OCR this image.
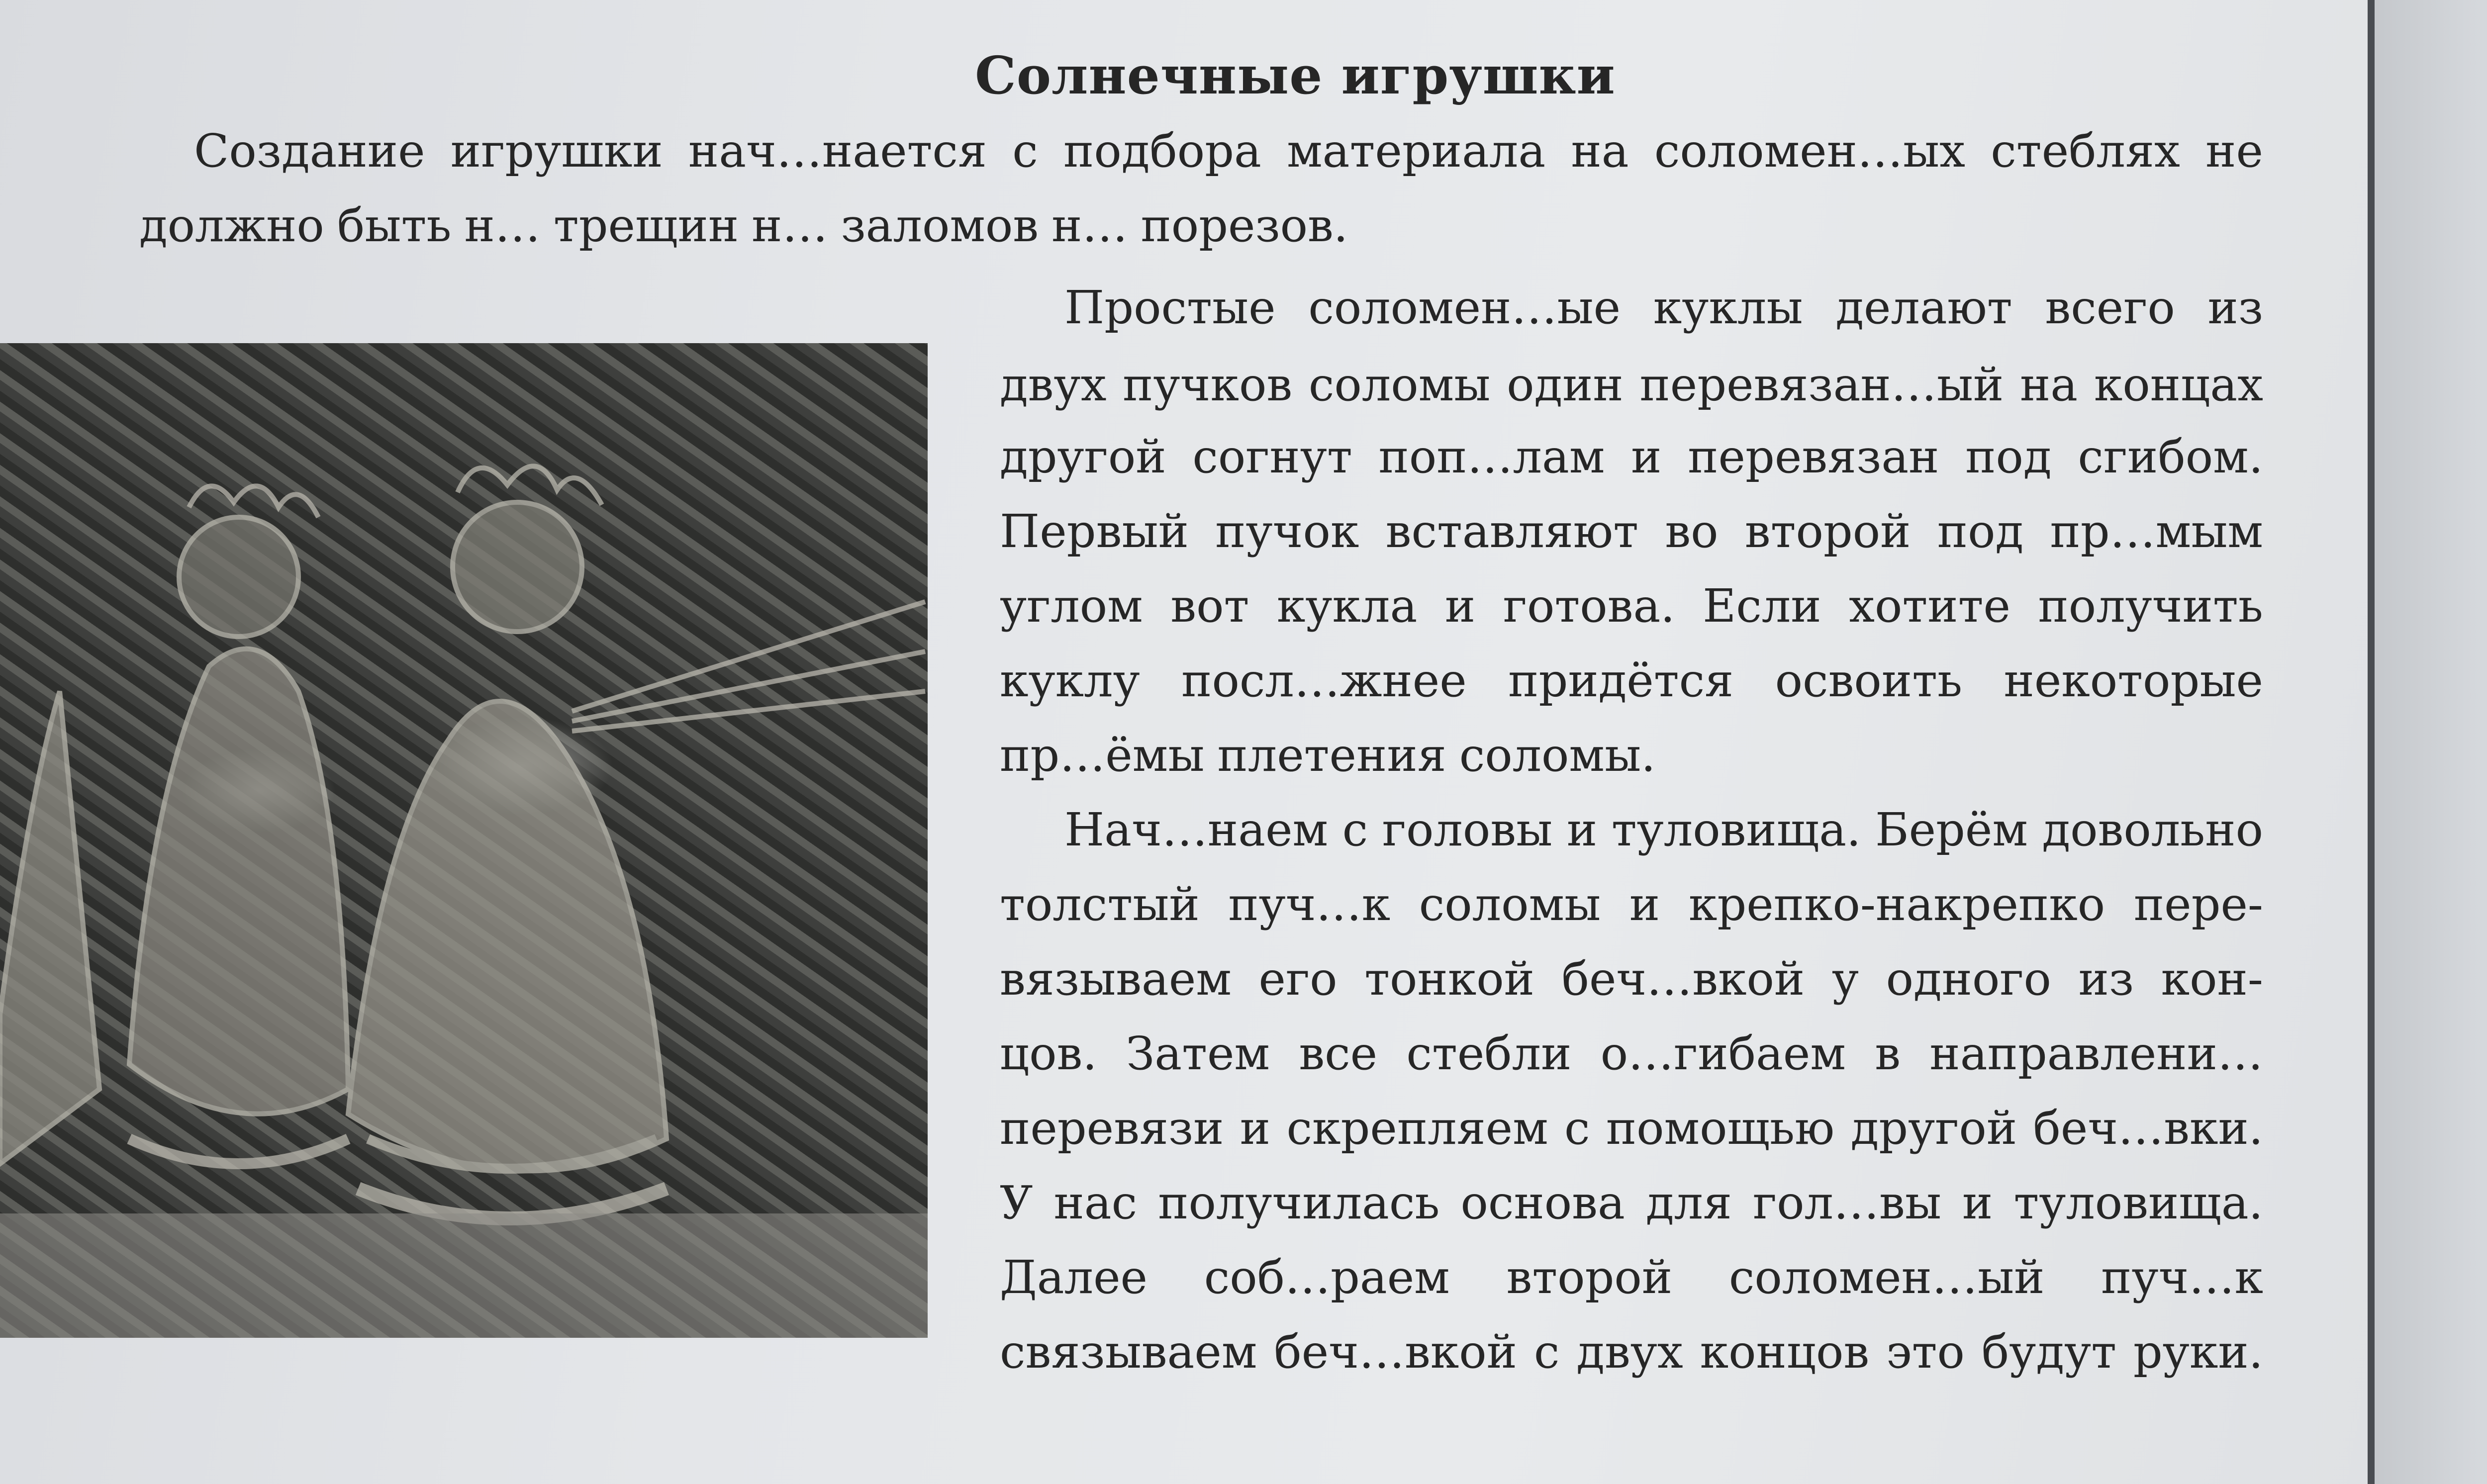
Солнечные игрушки
Создание игрушки нач…нается с подбора материала на соломен…ых стеблях не
должно быть н… трещин н… заломов н… порезов.
Простые соломен…ые куклы делают всего из
двух пучков соломы один перевязан…ый на концах
другой согнут поп…лам и перевязан под сгибом.
Первый пучок вставляют во второй под пр…мым
углом вот кукла и готова. Если хотите получить
куклу посл…жнее придётся освоить некоторые
пр…ёмы плетения соломы.
Нач…наем с головы и туловища. Берём довольно
толстый пуч…к соломы и крепко-накрепко пере-
вязываем его тонкой беч…вкой у одного из кон-
цов. Затем все стебли о…гибаем в направлени…
перевязи и скрепляем с помощью другой беч…вки.
У нас получилась основа для гол…вы и туловища.
Далее соб…раем второй соломен…ый пуч…к
связываем беч…вкой с двух концов это будут руки.
